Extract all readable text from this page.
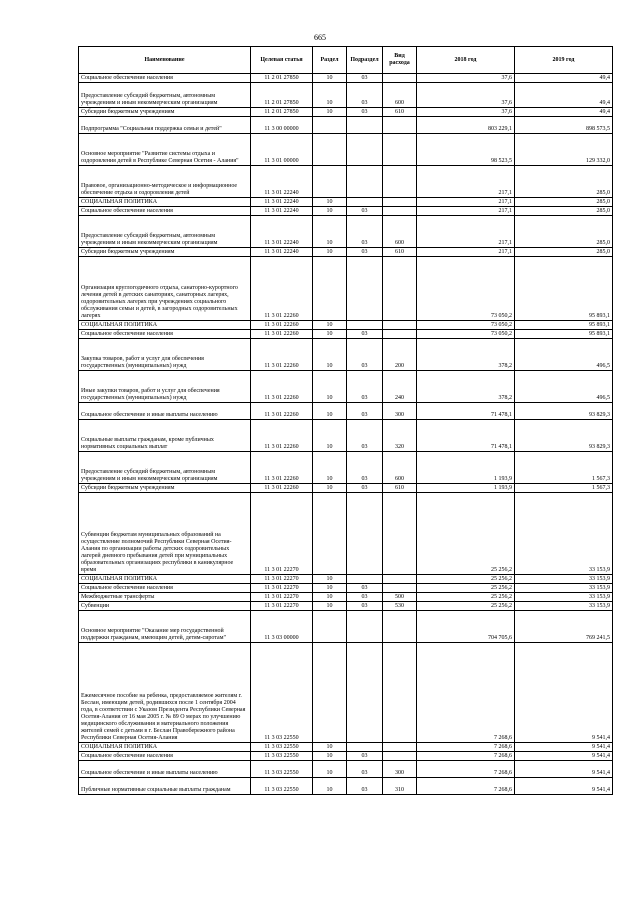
665
Наименование	Целевая статья	Раздел	Подраздел	Вид расхода	2018 год	2019 год
Социальное обеспечение населения	11 2 01 27850	10	03		37,6	49,4
Предоставление субсидий бюджетным, автономным учреждениям и иным некоммерческим организациям	11 2 01 27850	10	03	600	37,6	49,4
Субсидии бюджетным учреждениям	11 2 01 27850	10	03	610	37,6	49,4
Подпрограмма "Социальная поддержка семьи и детей"	11 3 00 00000				803 229,1	898 573,5
Основное мероприятие "Развитие системы отдыха и оздоровления детей в Республике Северная Осетия - Алания"	11 3 01 00000				98 523,5	129 332,0
Правовое, организационно-методическое и информационное обеспечение отдыха и оздоровления детей	11 3 01 22240				217,1	285,0
СОЦИАЛЬНАЯ ПОЛИТИКА	11 3 01 22240	10			217,1	285,0
Социальное обеспечение населения	11 3 01 22240	10	03		217,1	285,0
Предоставление субсидий бюджетным, автономным учреждениям и иным некоммерческим организациям	11 3 01 22240	10	03	600	217,1	285,0
Субсидии бюджетным учреждениям	11 3 01 22240	10	03	610	217,1	285,0
Организация круглогодичного отдыха, санаторно-курортного лечения детей в детских санаториях, санаторных лагерях, оздоровительных лагерях при учреждениях социального обслуживания семьи и детей, в загородных оздоровительных лагерях	11 3 01 22260				73 050,2	95 893,1
СОЦИАЛЬНАЯ ПОЛИТИКА	11 3 01 22260	10			73 050,2	95 893,1
Социальное обеспечение населения	11 3 01 22260	10	03		73 050,2	95 893,1
Закупка товаров, работ и услуг для обеспечения государственных (муниципальных) нужд	11 3 01 22260	10	03	200	378,2	496,5
Иные закупки товаров, работ и услуг для обеспечения государственных (муниципальных) нужд	11 3 01 22260	10	03	240	378,2	496,5
Социальное обеспечение и иные выплаты населению	11 3 01 22260	10	03	300	71 478,1	93 829,3
Социальные выплаты гражданам, кроме публичных нормативных социальных выплат	11 3 01 22260	10	03	320	71 478,1	93 829,3
Предоставление субсидий бюджетным, автономным учреждениям и иным некоммерческим организациям	11 3 01 22260	10	03	600	1 193,9	1 567,3
Субсидии бюджетным учреждениям	11 3 01 22260	10	03	610	1 193,9	1 567,3
Субвенции бюджетам муниципальных образований на осуществление полномочий Республики Северная Осетия-Алания по организации работы детских оздоровительных лагерей дневного пребывания детей при муниципальных образовательных организациях республики в каникулярное время	11 3 01 22270				25 256,2	33 153,9
СОЦИАЛЬНАЯ ПОЛИТИКА	11 3 01 22270	10			25 256,2	33 153,9
Социальное обеспечение населения	11 3 01 22270	10	03		25 256,2	33 153,9
Межбюджетные трансферты	11 3 01 22270	10	03	500	25 256,2	33 153,9
Субвенции	11 3 01 22270	10	03	530	25 256,2	33 153,9
Основное мероприятие "Оказание мер государственной поддержки гражданам, имеющим детей, детям-сиротам"	11 3 03 00000				704 705,6	769 241,5
Ежемесячное пособие на ребенка, предоставляемое жителям г. Беслан, имеющим детей, родившихся после 1 сентября 2004 года, в соответствии с Указом Президента Республики Северная Осетия-Алания от 16 мая 2005 г. № 89 О мерах по улучшению медицинского обслуживания и материального положения жителей семей с детьми в г. Беслан Правобережного района Республики Северная Осетия-Алания	11 3 03 22550				7 268,6	9 541,4
СОЦИАЛЬНАЯ ПОЛИТИКА	11 3 03 22550	10			7 268,6	9 541,4
Социальное обеспечение населения	11 3 03 22550	10	03		7 268,6	9 541,4
Социальное обеспечение и иные выплаты населению	11 3 03 22550	10	03	300	7 268,6	9 541,4
Публичные нормативные социальные выплаты гражданам	11 3 03 22550	10	03	310	7 268,6	9 541,4
